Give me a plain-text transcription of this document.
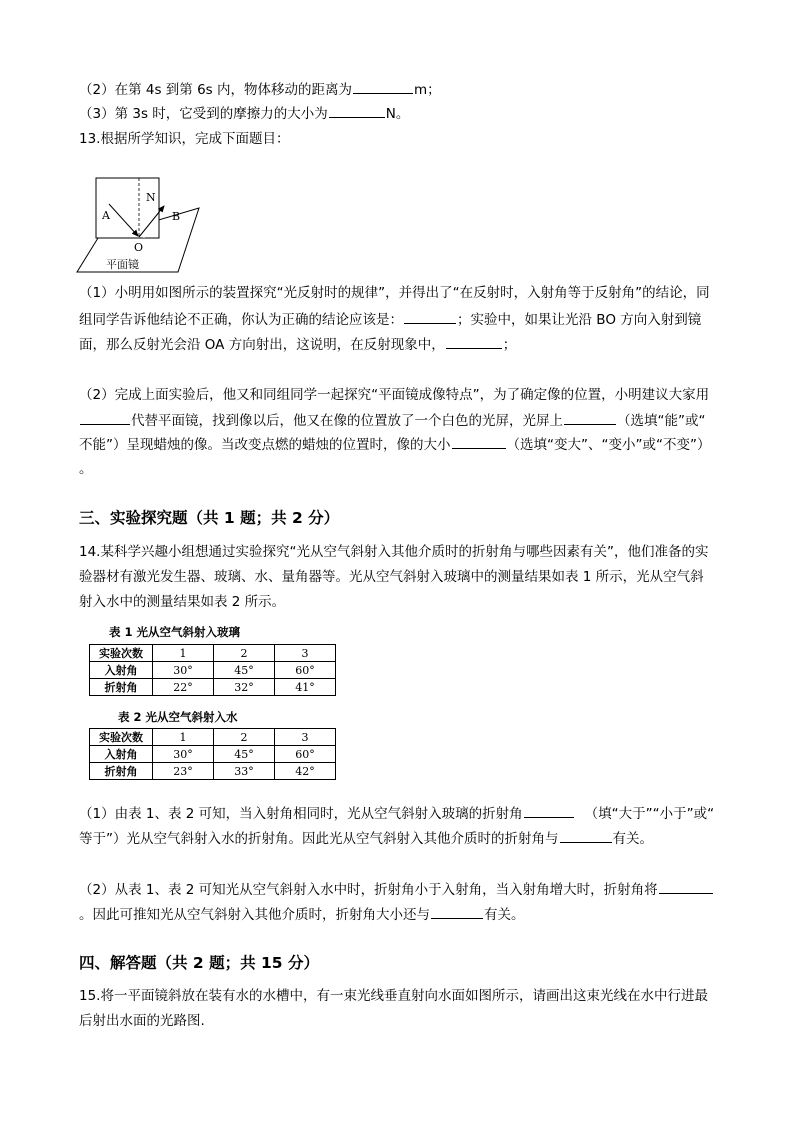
（2）在第 4s 到第 6s 内，物体移动的距离为	m；
（3）第 3s 时，它受到的摩擦力的大小为	N。
13.根据所学知识，完成下面题目：
N
A	B
O
平面镜
（1）小明用如图所示的装置探究“光反射时的规律”，并得出了“在反射时，入射角等于反射角”的结论，同
组同学告诉他结论不正确，你认为正确的结论应该是：	；实验中，如果让光沿 BO 方向入射到镜
面，那么反射光会沿 OA 方向射出，这说明，在反射现象中，	；
（2）完成上面实验后，他又和同组同学一起探究“平面镜成像特点”，为了确定像的位置，小明建议大家用
代替平面镜，找到像以后，他又在像的位置放了一个白色的光屏，光屏上	（选填“能”或“
不能”）呈现蜡烛的像。当改变点燃的蜡烛的位置时，像的大小	（选填“变大”、“变小”或“不变”）
。
三、实验探究题（共 1 题；共 2 分）
14.某科学兴趣小组想通过实验探究“光从空气斜射入其他介质时的折射角与哪些因素有关”，他们准备的实
验器材有激光发生器、玻璃、水、量角器等。光从空气斜射入玻璃中的测量结果如表 1 所示，光从空气斜
射入水中的测量结果如表 2 所示。
表 1 光从空气斜射入玻璃
实验次数	1	2	3
入射角	30°	45°	60°
折射角	22°	32°	41°
表 2 光从空气斜射入水
实验次数	1	2	3
入射角	30°	45°	60°
折射角	23°	33°	42°
（1）由表 1、表 2 可知，当入射角相同时，光从空气斜射入玻璃的折射角	（填“大于”“小于”或“
等于”）光从空气斜射入水的折射角。因此光从空气斜射入其他介质时的折射角与	有关。
（2）从表 1、表 2 可知光从空气斜射入水中时，折射角小于入射角，当入射角增大时，折射角将
。因此可推知光从空气斜射入其他介质时，折射角大小还与	有关。
四、解答题（共 2 题；共 15 分）
15.将一平面镜斜放在装有水的水槽中，有一束光线垂直射向水面如图所示，请画出这束光线在水中行进最
后射出水面的光路图.
